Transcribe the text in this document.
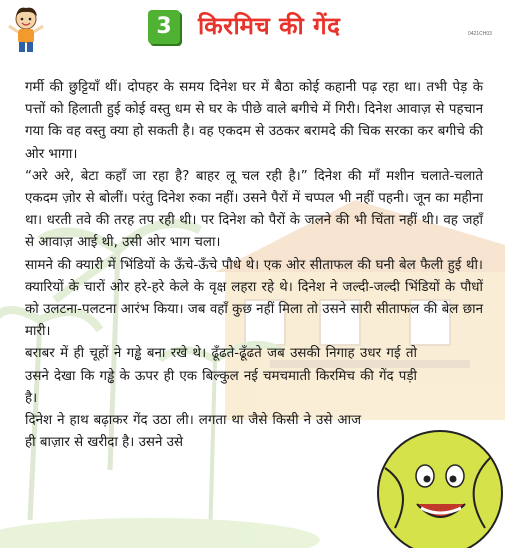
3	किरमिच की गेंद	0421CH03

गर्मी की छुट्टियाँ थीं। दोपहर के समय दिनेश घर में बैठा कोई कहानी पढ़ रहा था। तभी पेड़ के पत्तों को हिलाती हुई कोई वस्तु धम से घर के पीछे वाले बगीचे में गिरी। दिनेश आवाज़ से पहचान गया कि वह वस्तु क्या हो सकती है। वह एकदम से उठकर बरामदे की चिक सरका कर बगीचे की ओर भागा।

“अरे अरे, बेटा कहाँ जा रहा है? बाहर लू चल रही है।” दिनेश की माँ मशीन चलाते-चलाते एकदम ज़ोर से बोलीं। परंतु दिनेश रुका नहीं। उसने पैरों में चप्पल भी नहीं पहनी। जून का महीना था। धरती तवे की तरह तप रही थी। पर दिनेश को पैरों के जलने की भी चिंता नहीं थी। वह जहाँ से आवाज़ आई थी, उसी ओर भाग चला।

सामने की क्यारी में भिंडियों के ऊँचे-ऊँचे पौधे थे। एक ओर सीताफल की घनी बेल फैली हुई थी। क्यारियों के चारों ओर हरे-हरे केले के वृक्ष लहरा रहे थे। दिनेश ने जल्दी-जल्दी भिंडियों के पौधों को उलटना-पलटना आरंभ किया। जब वहाँ कुछ नहीं मिला तो उसने सारी सीताफल की बेल छान मारी।

बराबर में ही चूहों ने गड्ढे बना रखे थे। ढूँढते-ढूँढते जब उसकी निगाह उधर गई तो उसने देखा कि गड्ढे के ऊपर ही एक बिल्कुल नई चमचमाती किरमिच की गेंद पड़ी है।

दिनेश ने हाथ बढ़ाकर गेंद उठा ली। लगता था जैसे किसी ने उसे आज ही बाज़ार से खरीदा है। उसने उसे
